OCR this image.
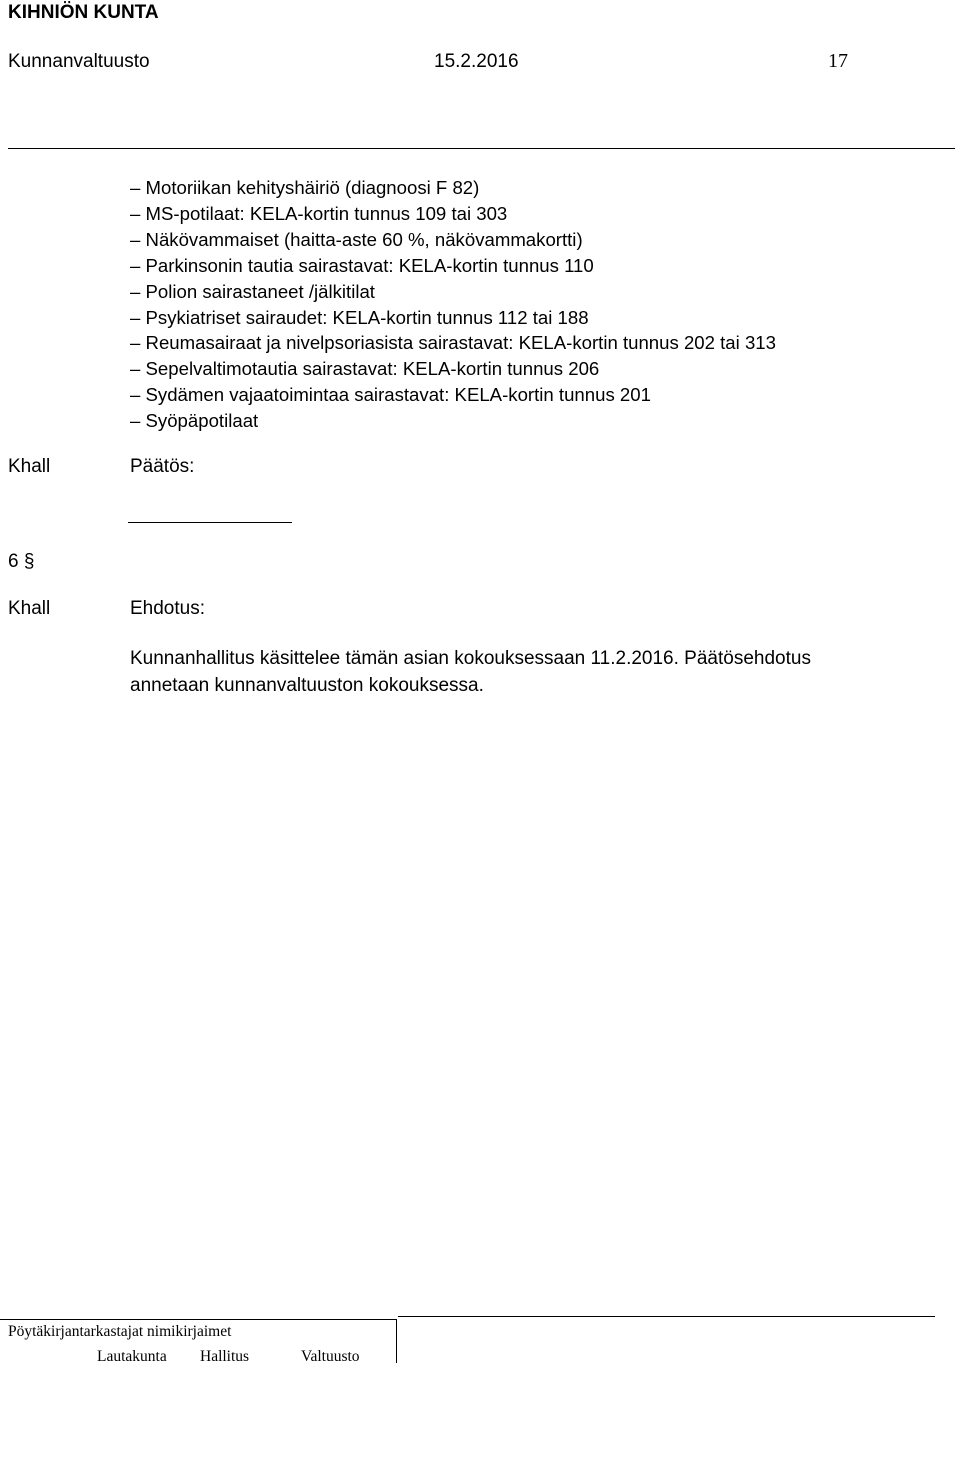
KIHNIÖN KUNTA
Kunnanvaltuusto	15.2.2016	17
– Motoriikan kehityshäiriö (diagnoosi F 82)
– MS-potilaat: KELA-kortin tunnus 109 tai 303
– Näkövammaiset (haitta-aste 60 %, näkövammakortti)
– Parkinsonin tautia sairastavat: KELA-kortin tunnus 110
– Polion sairastaneet /jälkitilat
– Psykiatriset sairaudet: KELA-kortin tunnus 112 tai 188
– Reumasairaat ja nivelpsoriasista sairastavat: KELA-kortin tunnus 202 tai 313
– Sepelvaltimotautia sairastavat: KELA-kortin tunnus 206
– Sydämen vajaatoimintaa sairastavat: KELA-kortin tunnus 201
– Syöpäpotilaat
Khall	Päätös:
6 §
Khall	Ehdotus:
Kunnanhallitus käsittelee tämän asian kokouksessaan 11.2.2016. Päätösehdotus
annetaan kunnanvaltuuston kokouksessa.
Pöytäkirjantarkastajat nimikirjaimet
Lautakunta Hallitus	Valtuusto
